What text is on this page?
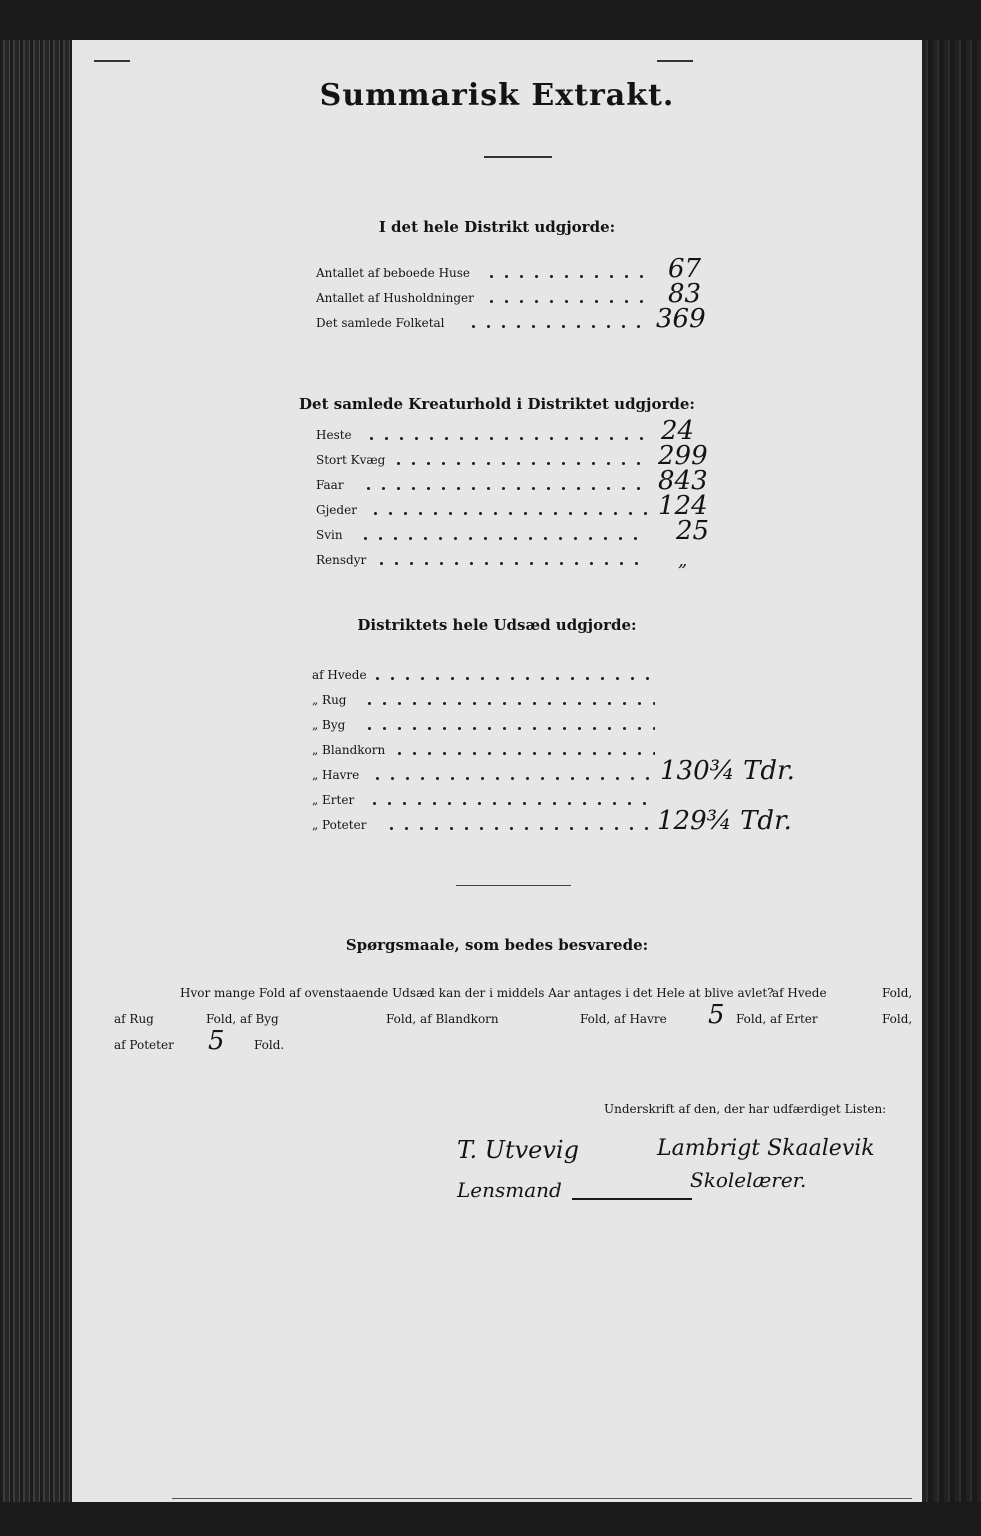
Summarisk Extrakt.
I det hele Distrikt udgjorde:
Antallet af beboede Huse	67
Antallet af Husholdninger	83
Det samlede Folketal	369
Det samlede Kreaturhold i Distriktet udgjorde:
Heste	24
Stort Kvæg	299
Faar	843
Gjeder	124
Svin	25
Rensdyr	„
Distriktets hele Udsæd udgjorde:
af Hvede
„ Rug
„ Byg
„ Blandkorn
„ Havre	130¾ Tdr.
„ Erter
„ Poteter	129¾ Tdr.
Spørgsmaale, som bedes besvarede:
Hvor mange Fold af ovenstaaende Udsæd kan der i middels Aar antages i det Hele at blive avlet?
af Hvede	Fold,
af Rug	Fold, af Byg	Fold, af Blandkorn	Fold, af Havre 5 Fold, af Erter	Fold,
af Poteter 5 Fold.
Underskrift af den, der har udfærdiget Listen:
T. Utvevig
Lensmand
Lambrigt Skaalevik
Skolelærer.
